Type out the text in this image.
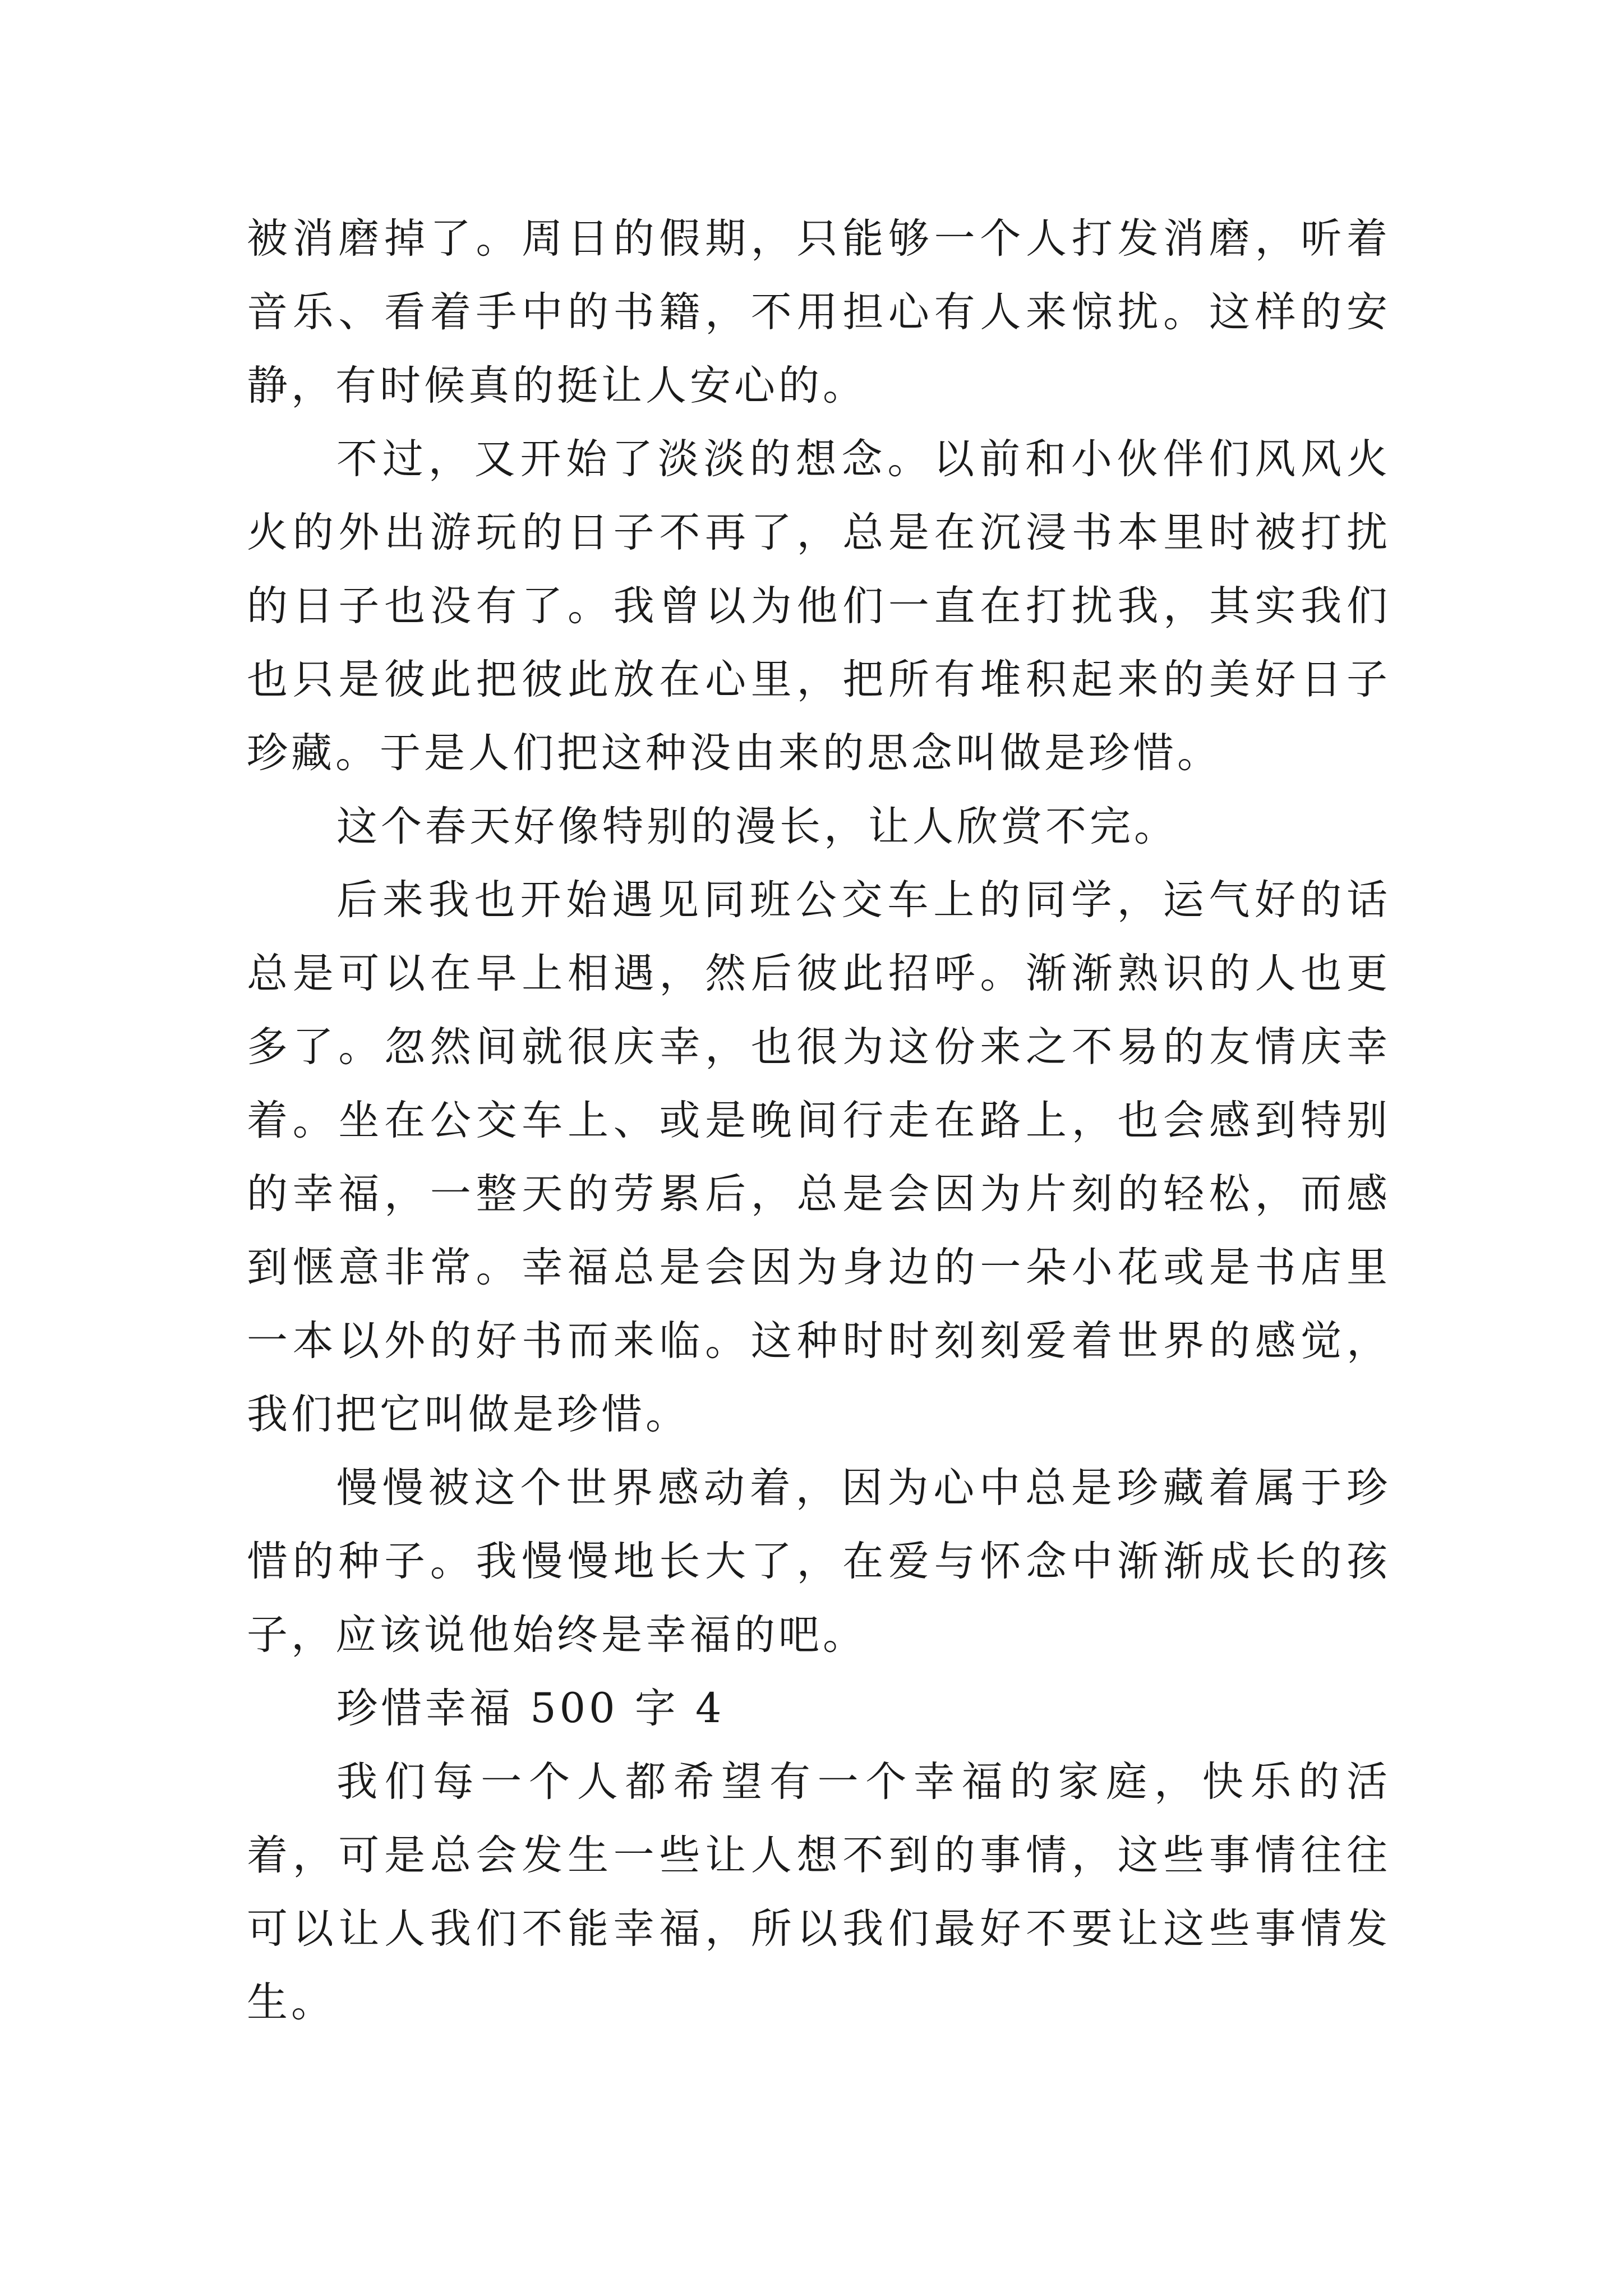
被消磨掉了。周日的假期，只能够一个人打发消磨，听着音乐、看着手中的书籍，不用担心有人来惊扰。这样的安静，有时候真的挺让人安心的。

不过，又开始了淡淡的想念。以前和小伙伴们风风火火的外出游玩的日子不再了，总是在沉浸书本里时被打扰的日子也没有了。我曾以为他们一直在打扰我，其实我们也只是彼此把彼此放在心里，把所有堆积起来的美好日子珍藏。于是人们把这种没由来的思念叫做是珍惜。

这个春天好像特别的漫长，让人欣赏不完。

后来我也开始遇见同班公交车上的同学，运气好的话总是可以在早上相遇，然后彼此招呼。渐渐熟识的人也更多了。忽然间就很庆幸，也很为这份来之不易的友情庆幸着。坐在公交车上、或是晚间行走在路上，也会感到特别的幸福，一整天的劳累后，总是会因为片刻的轻松，而感到惬意非常。幸福总是会因为身边的一朵小花或是书店里一本以外的好书而来临。这种时时刻刻爱着世界的感觉，我们把它叫做是珍惜。

慢慢被这个世界感动着，因为心中总是珍藏着属于珍惜的种子。我慢慢地长大了，在爱与怀念中渐渐成长的孩子，应该说他始终是幸福的吧。

珍惜幸福 500 字 4

我们每一个人都希望有一个幸福的家庭，快乐的活着，可是总会发生一些让人想不到的事情，这些事情往往可以让人我们不能幸福，所以我们最好不要让这些事情发生。
